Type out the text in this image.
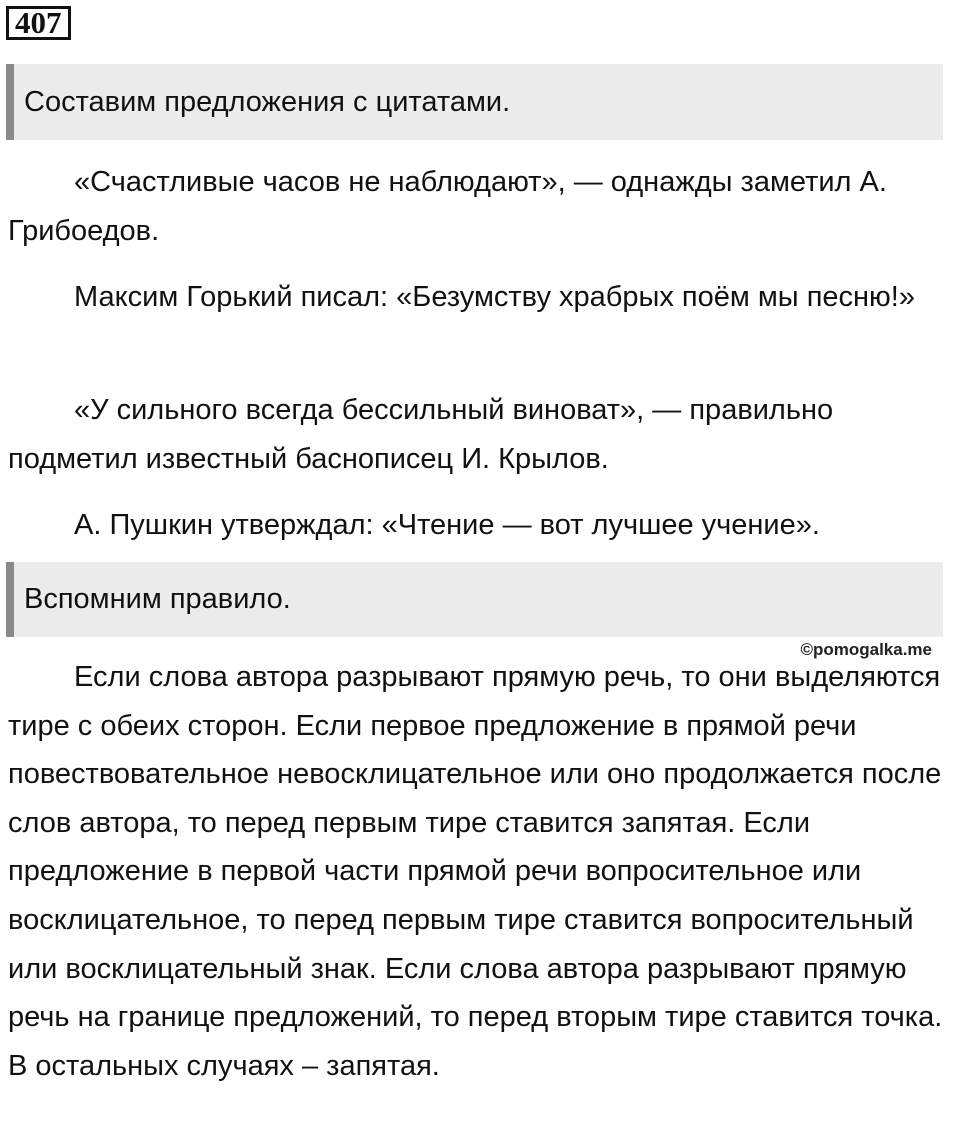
407
Составим предложения с цитатами.

«Счастливые часов не наблюдают», — однажды заметил А. Грибоедов.

Максим Горький писал: «Безумству храбрых поём мы песню!»

«У сильного всегда бессильный виноват», — правильно подметил известный баснописец И. Крылов.

А. Пушкин утверждал: «Чтение — вот лучшее учение».

Вспомним правило.
©pomogalka.me

Если слова автора разрывают прямую речь, то они выделяются тире с обеих сторон. Если первое предложение в прямой речи повествовательное невосклицательное или оно продолжается после слов автора, то перед первым тире ставится запятая. Если предложение в первой части прямой речи вопросительное или восклицательное, то перед первым тире ставится вопросительный или восклицательный знак. Если слова автора разрывают прямую речь на границе предложений, то перед вторым тире ставится точка. В остальных случаях – запятая.
